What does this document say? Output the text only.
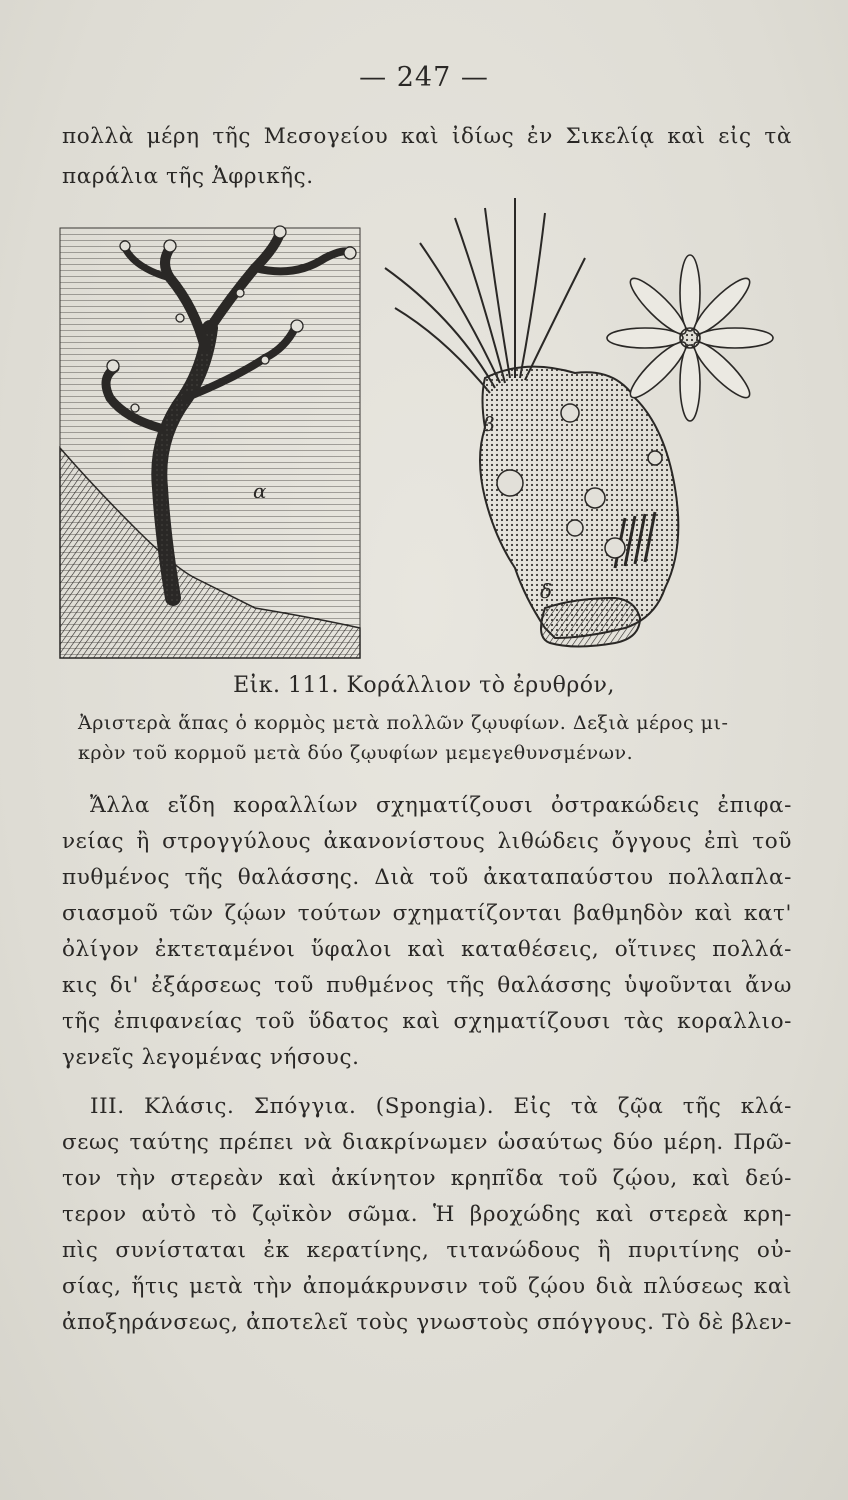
— 247 —
πολλὰ μέρη τῆς Μεσογείου καὶ ἰδίως ἐν Σικελίᾳ καὶ εἰς τὰ
παράλια τῆς Ἀφρικῆς.
α
β
δ
Εἰκ. 111. Κοράλλιον τὸ ἐρυθρόν,
Ἀριστερὰ ἅπας ὁ κορμὸς μετὰ πολλῶν ζῳυφίων. Δεξιὰ μέρος μι-
κρὸν τοῦ κορμοῦ μετὰ δύο ζῳυφίων μεμεγεθυνσμένων.
Ἄλλα εἴδη κοραλλίων σχηματίζουσι ὀστρακώδεις ἐπιφα-
νείας ἢ στρογγύλους ἀκανονίστους λιθώδεις ὄγγους ἐπὶ τοῦ
πυθμένος τῆς θαλάσσης. Διὰ τοῦ ἀκαταπαύστου πολλαπλα-
σιασμοῦ τῶν ζῴων τούτων σχηματίζονται βαθμηδὸν καὶ κατ'
ὀλίγον ἐκτεταμένοι ὕφαλοι καὶ καταθέσεις, οἵτινες πολλά-
κις δι' ἐξάρσεως τοῦ πυθμένος τῆς θαλάσσης ὑψοῦνται ἄνω
τῆς ἐπιφανείας τοῦ ὕδατος καὶ σχηματίζουσι τὰς κοραλλιο-
γενεῖς λεγομένας νήσους.
III. Κλάσις. Σπόγγια. (Spongia). Εἰς τὰ ζῷα τῆς κλά-
σεως ταύτης πρέπει νὰ διακρίνωμεν ὡσαύτως δύο μέρη. Πρῶ-
τον τὴν στερεὰν καὶ ἀκίνητον κρηπῖδα τοῦ ζῴου, καὶ δεύ-
τερον αὐτὸ τὸ ζῳϊκὸν σῶμα. Ἡ βροχώδης καὶ στερεὰ κρη-
πὶς συνίσταται ἐκ κερατίνης, τιτανώδους ἢ πυριτίνης οὐ-
σίας, ἥτις μετὰ τὴν ἀπομάκρυνσιν τοῦ ζῴου διὰ πλύσεως καὶ
ἀποξηράνσεως, ἀποτελεῖ τοὺς γνωστοὺς σπόγγους. Τὸ δὲ βλεν-
